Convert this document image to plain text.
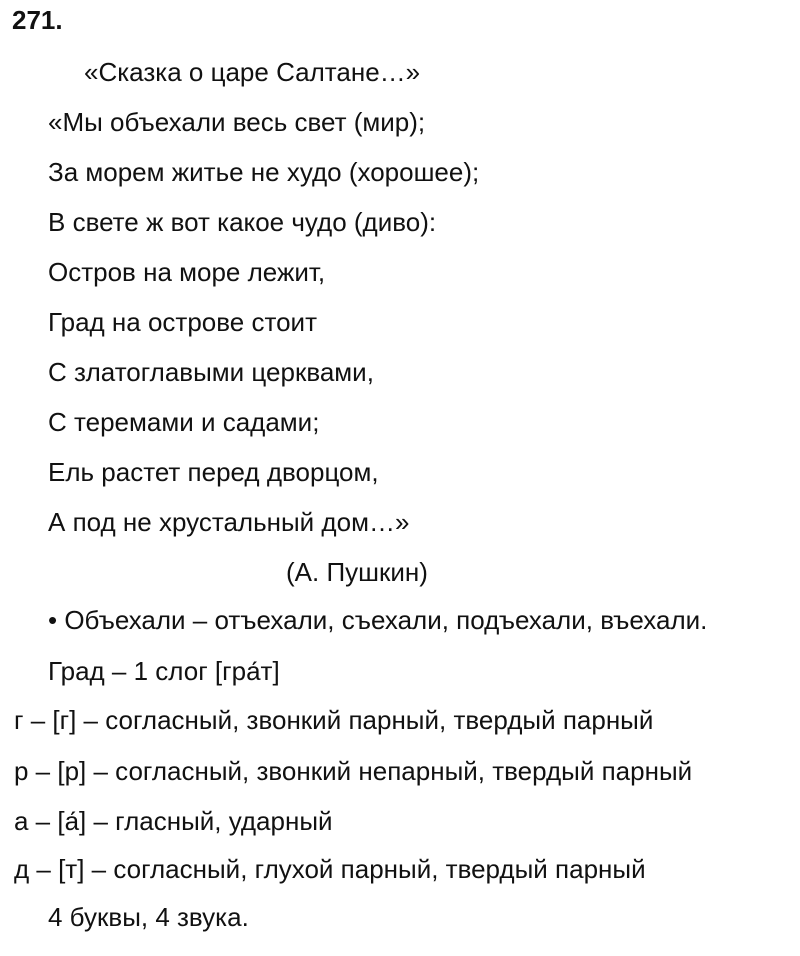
271.
«Сказка о царе Салтане…»
«Мы объехали весь свет (мир);
За морем житье не худо (хорошее);
В свете ж вот какое чудо (диво):
Остров на море лежит,
Град на острове стоит
С златоглавыми церквами,
С теремами и садами;
Ель растет перед дворцом,
А под не хрустальный дом…»
(А. Пушкин)
• Объехали – отъехали, съехали, подъехали, въехали.
Град – 1 слог [гра́т]
г – [г] – согласный, звонкий парный, твердый парный
р – [р] – согласный, звонкий непарный, твердый парный
а – [а́] – гласный, ударный
д – [т] – согласный, глухой парный, твердый парный
4 буквы, 4 звука.
